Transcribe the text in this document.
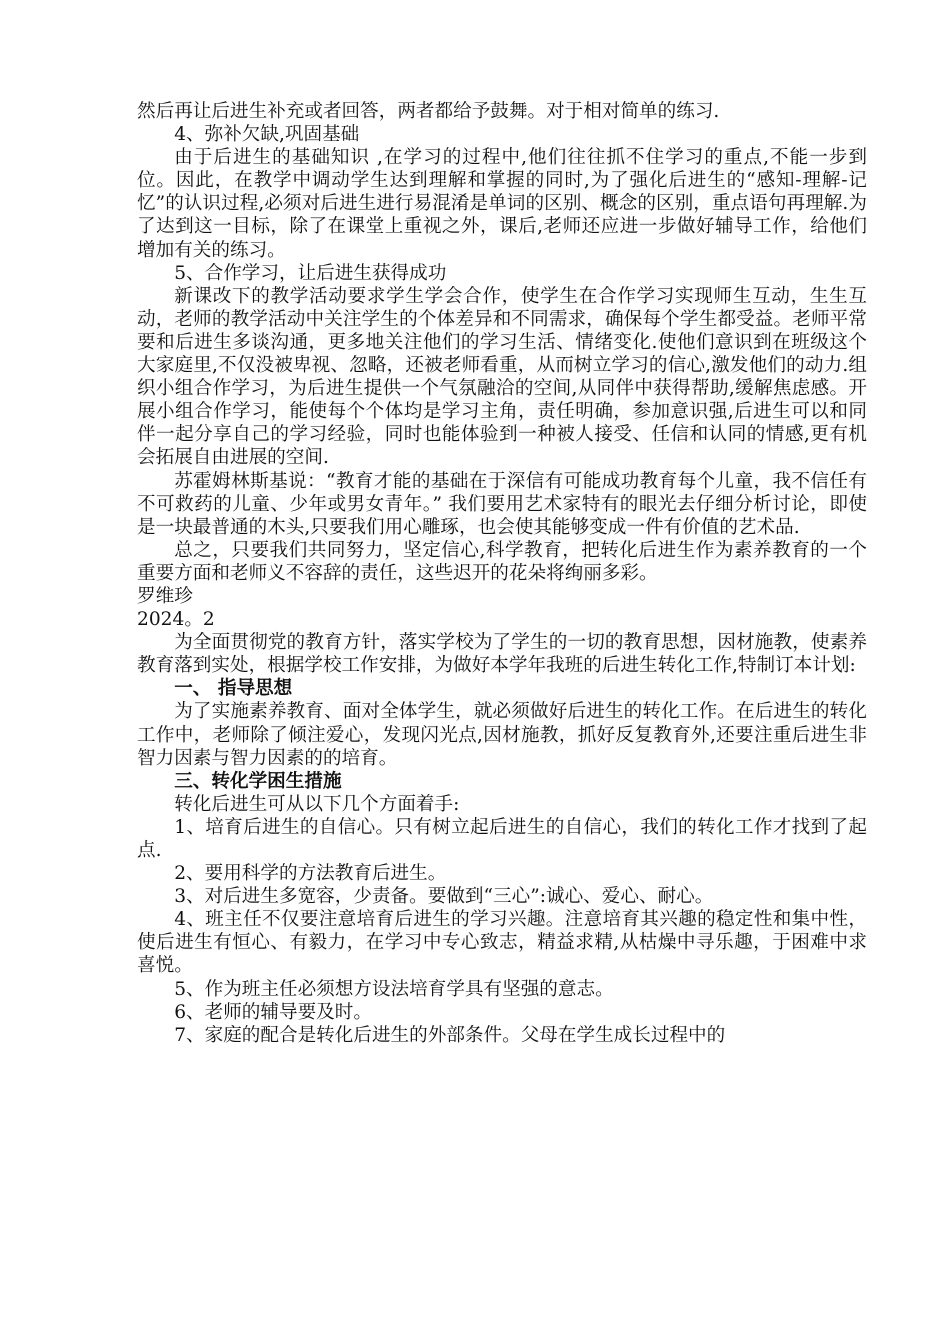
然后再让后进生补充或者回答，两者都给予鼓舞。对于相对简单的练习.

4、弥补欠缺,巩固基础

由于后进生的基础知识 ,在学习的过程中,他们往往抓不住学习的重点,不能一步到位。因此，在教学中调动学生达到理解和掌握的同时,为了强化后进生的“感知-理解-记忆”的认识过程,必须对后进生进行易混淆是单词的区别、概念的区别，重点语句再理解.为了达到这一目标，除了在课堂上重视之外，课后,老师还应进一步做好辅导工作，给他们增加有关的练习。

5、合作学习，让后进生获得成功

新课改下的教学活动要求学生学会合作，使学生在合作学习实现师生互动，生生互动，老师的教学活动中关注学生的个体差异和不同需求，确保每个学生都受益。老师平常要和后进生多谈沟通，更多地关注他们的学习生活、情绪变化.使他们意识到在班级这个大家庭里,不仅没被卑视、忽略，还被老师看重，从而树立学习的信心,激发他们的动力.组织小组合作学习，为后进生提供一个气氛融洽的空间,从同伴中获得帮助,缓解焦虑感。开展小组合作学习，能使每个个体均是学习主角，责任明确，参加意识强,后进生可以和同伴一起分享自己的学习经验，同时也能体验到一种被人接受、任信和认同的情感,更有机会拓展自由进展的空间.

苏霍姆林斯基说：“教育才能的基础在于深信有可能成功教育每个儿童，我不信任有不可救药的儿童、少年或男女青年。” 我们要用艺术家特有的眼光去仔细分析讨论，即使是一块最普通的木头,只要我们用心雕琢，也会使其能够变成一件有价值的艺术品.

总之，只要我们共同努力，坚定信心,科学教育，把转化后进生作为素养教育的一个重要方面和老师义不容辞的责任，这些迟开的花朵将绚丽多彩。

罗维珍

2024。2

为全面贯彻党的教育方针，落实学校为了学生的一切的教育思想，因材施教，使素养教育落到实处，根据学校工作安排，为做好本学年我班的后进生转化工作,特制订本计划:

一、 指导思想

为了实施素养教育、面对全体学生，就必须做好后进生的转化工作。在后进生的转化工作中，老师除了倾注爱心，发现闪光点,因材施教，抓好反复教育外,还要注重后进生非智力因素与智力因素的的培育。

三、转化学困生措施

转化后进生可从以下几个方面着手:

1、培育后进生的自信心。只有树立起后进生的自信心，我们的转化工作才找到了起点.

2、要用科学的方法教育后进生。

3、对后进生多宽容，少责备。要做到“三心”:诚心、爱心、耐心。

4、班主任不仅要注意培育后进生的学习兴趣。注意培育其兴趣的稳定性和集中性，使后进生有恒心、有毅力，在学习中专心致志，精益求精,从枯燥中寻乐趣，于困难中求喜悦。

5、作为班主任必须想方设法培育学具有坚强的意志。

6、老师的辅导要及时。

7、家庭的配合是转化后进生的外部条件。父母在学生成长过程中的
